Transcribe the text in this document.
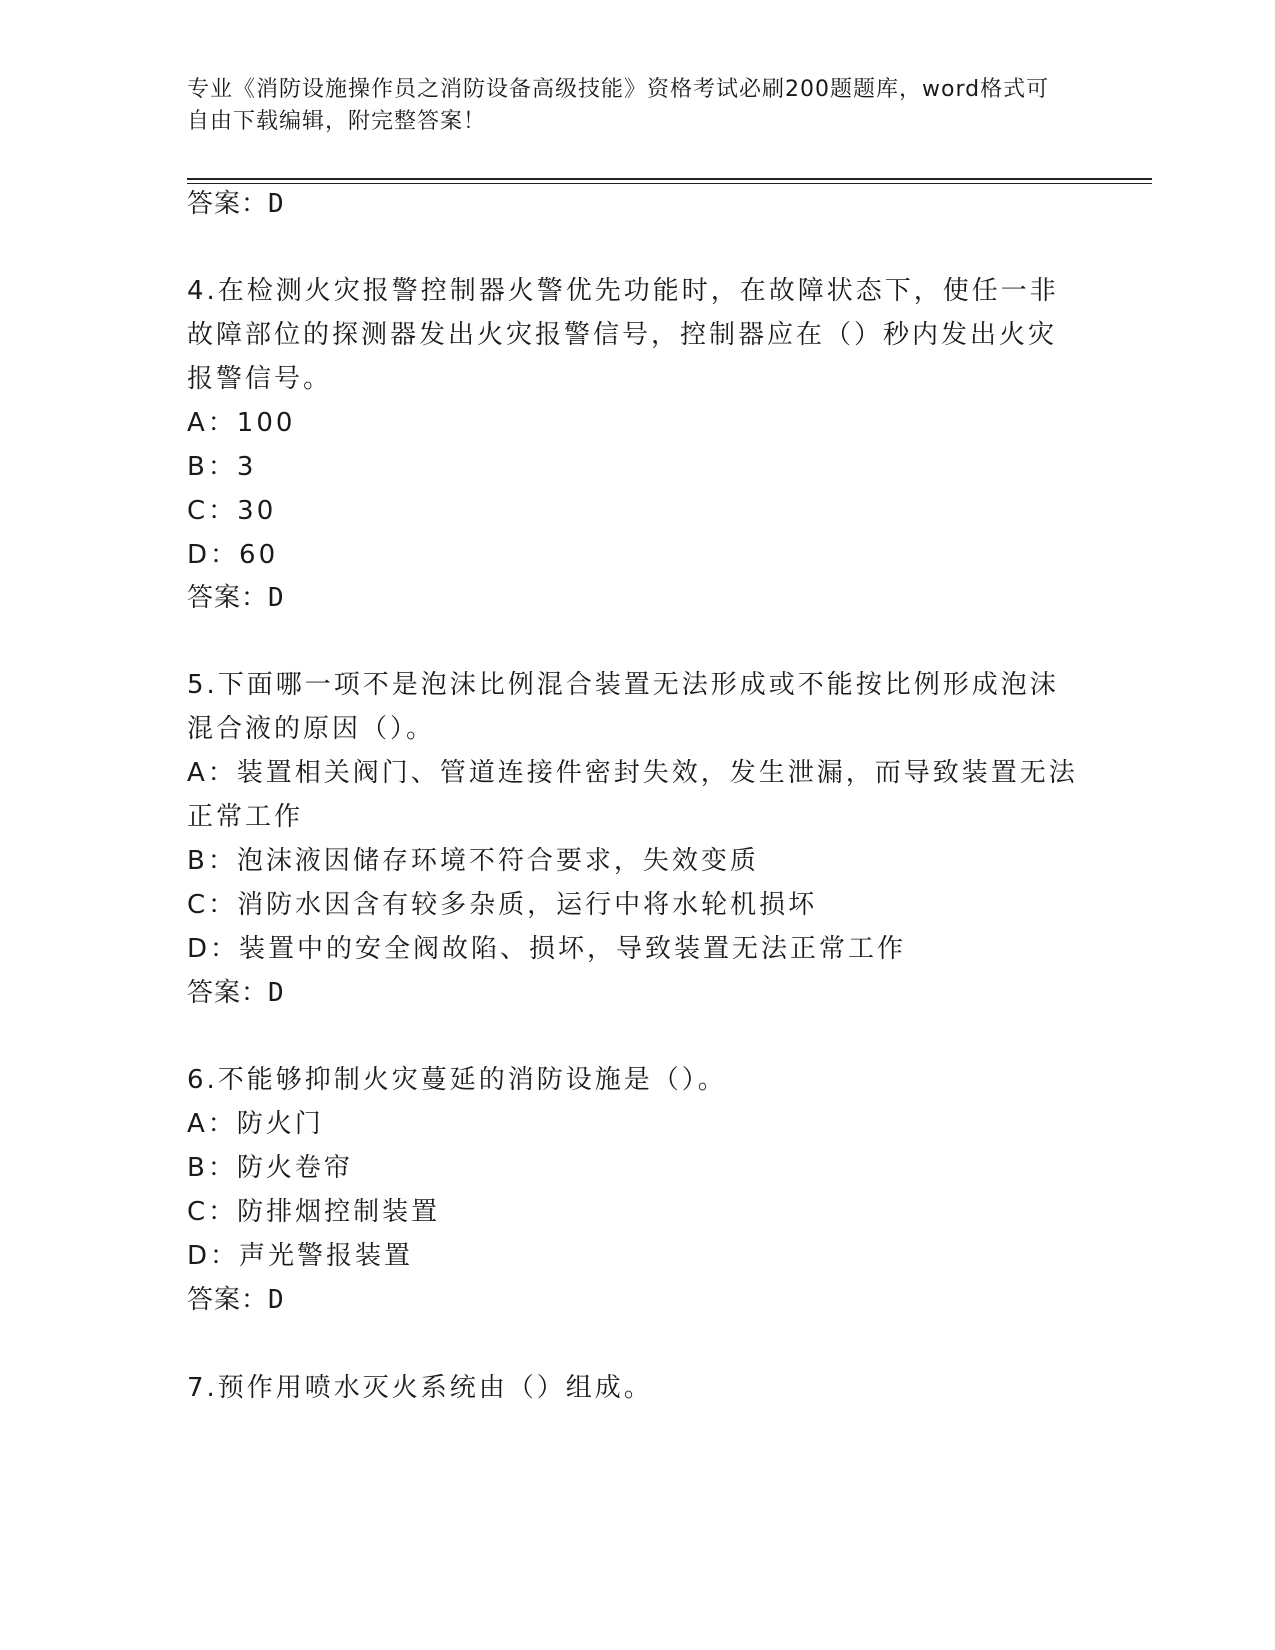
专业《消防设施操作员之消防设备高级技能》资格考试必刷200题题库，word格式可自由下载编辑，附完整答案！
答案：D
4.在检测火灾报警控制器火警优先功能时，在故障状态下，使任一非
故障部位的探测器发出火灾报警信号，控制器应在（）秒内发出火灾
报警信号。
A：100
B：3
C：30
D：60
答案：D
5.下面哪一项不是泡沫比例混合装置无法形成或不能按比例形成泡沫
混合液的原因（）。
A：装置相关阀门、管道连接件密封失效，发生泄漏，而导致装置无法
正常工作
B：泡沫液因储存环境不符合要求，失效变质
C：消防水因含有较多杂质，运行中将水轮机损坏
D：装置中的安全阀故陷、损坏，导致装置无法正常工作
答案：D
6.不能够抑制火灾蔓延的消防设施是（）。
A：防火门
B：防火卷帘
C：防排烟控制装置
D：声光警报装置
答案：D
7.预作用喷水灭火系统由（）组成。
